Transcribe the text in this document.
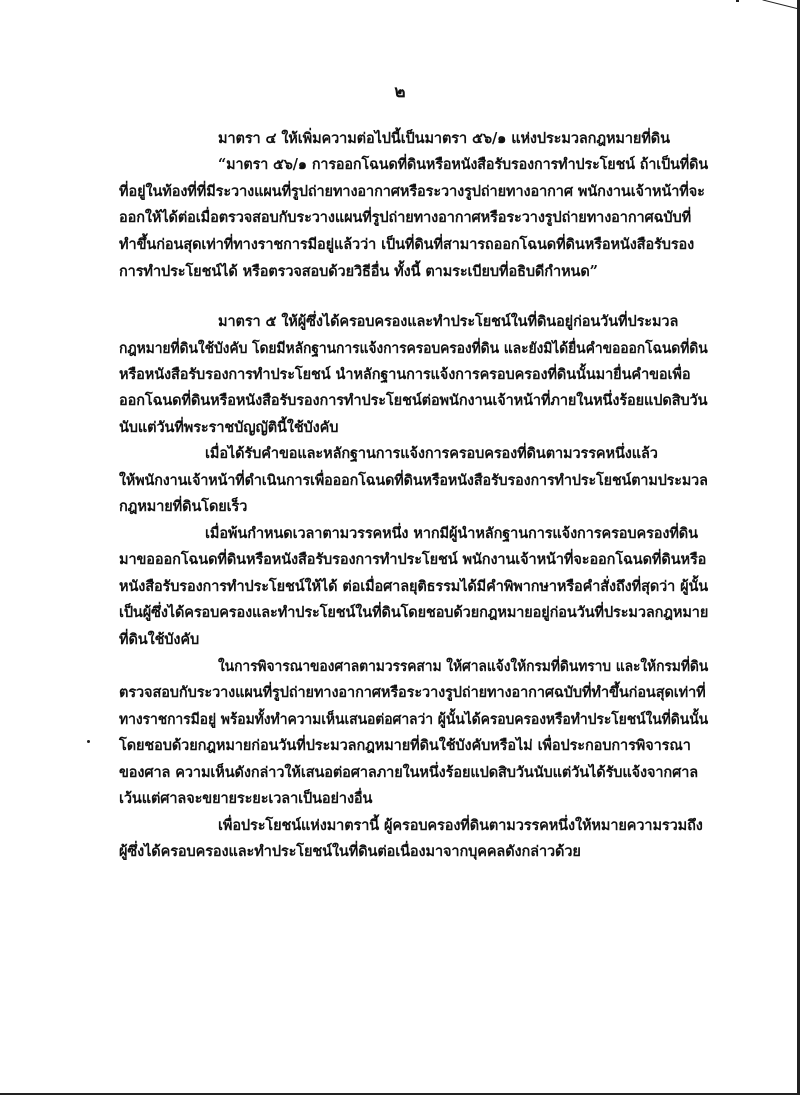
๒
มาตรา ๔ ให้เพิ่มความต่อไปนี้เป็นมาตรา ๕๖/๑ แห่งประมวลกฎหมายที่ดิน
“มาตรา ๕๖/๑ การออกโฉนดที่ดินหรือหนังสือรับรองการทำประโยชน์ ถ้าเป็นที่ดิน
ที่อยู่ในท้องที่ที่มีระวางแผนที่รูปถ่ายทางอากาศหรือระวางรูปถ่ายทางอากาศ พนักงานเจ้าหน้าที่จะ
ออกให้ได้ต่อเมื่อตรวจสอบกับระวางแผนที่รูปถ่ายทางอากาศหรือระวางรูปถ่ายทางอากาศฉบับที่
ทำขึ้นก่อนสุดเท่าที่ทางราชการมีอยู่แล้วว่า เป็นที่ดินที่สามารถออกโฉนดที่ดินหรือหนังสือรับรอง
การทำประโยชน์ได้ หรือตรวจสอบด้วยวิธีอื่น ทั้งนี้ ตามระเบียบที่อธิบดีกำหนด”
มาตรา ๕ ให้ผู้ซึ่งได้ครอบครองและทำประโยชน์ในที่ดินอยู่ก่อนวันที่ประมวล
กฎหมายที่ดินใช้บังคับ โดยมีหลักฐานการแจ้งการครอบครองที่ดิน และยังมิได้ยื่นคำขอออกโฉนดที่ดิน
หรือหนังสือรับรองการทำประโยชน์ นำหลักฐานการแจ้งการครอบครองที่ดินนั้นมายื่นคำขอเพื่อ
ออกโฉนดที่ดินหรือหนังสือรับรองการทำประโยชน์ต่อพนักงานเจ้าหน้าที่ภายในหนึ่งร้อยแปดสิบวัน
นับแต่วันที่พระราชบัญญัตินี้ใช้บังคับ
เมื่อได้รับคำขอและหลักฐานการแจ้งการครอบครองที่ดินตามวรรคหนึ่งแล้ว
ให้พนักงานเจ้าหน้าที่ดำเนินการเพื่อออกโฉนดที่ดินหรือหนังสือรับรองการทำประโยชน์ตามประมวล
กฎหมายที่ดินโดยเร็ว
เมื่อพ้นกำหนดเวลาตามวรรคหนึ่ง หากมีผู้นำหลักฐานการแจ้งการครอบครองที่ดิน
มาขอออกโฉนดที่ดินหรือหนังสือรับรองการทำประโยชน์ พนักงานเจ้าหน้าที่จะออกโฉนดที่ดินหรือ
หนังสือรับรองการทำประโยชน์ให้ได้ ต่อเมื่อศาลยุติธรรมได้มีคำพิพากษาหรือคำสั่งถึงที่สุดว่า ผู้นั้น
เป็นผู้ซึ่งได้ครอบครองและทำประโยชน์ในที่ดินโดยชอบด้วยกฎหมายอยู่ก่อนวันที่ประมวลกฎหมาย
ที่ดินใช้บังคับ
ในการพิจารณาของศาลตามวรรคสาม ให้ศาลแจ้งให้กรมที่ดินทราบ และให้กรมที่ดิน
ตรวจสอบกับระวางแผนที่รูปถ่ายทางอากาศหรือระวางรูปถ่ายทางอากาศฉบับที่ทำขึ้นก่อนสุดเท่าที่
ทางราชการมีอยู่ พร้อมทั้งทำความเห็นเสนอต่อศาลว่า ผู้นั้นได้ครอบครองหรือทำประโยชน์ในที่ดินนั้น
โดยชอบด้วยกฎหมายก่อนวันที่ประมวลกฎหมายที่ดินใช้บังคับหรือไม่ เพื่อประกอบการพิจารณา
ของศาล ความเห็นดังกล่าวให้เสนอต่อศาลภายในหนึ่งร้อยแปดสิบวันนับแต่วันได้รับแจ้งจากศาล
เว้นแต่ศาลจะขยายระยะเวลาเป็นอย่างอื่น
เพื่อประโยชน์แห่งมาตรานี้ ผู้ครอบครองที่ดินตามวรรคหนึ่งให้หมายความรวมถึง
ผู้ซึ่งได้ครอบครองและทำประโยชน์ในที่ดินต่อเนื่องมาจากบุคคลดังกล่าวด้วย
